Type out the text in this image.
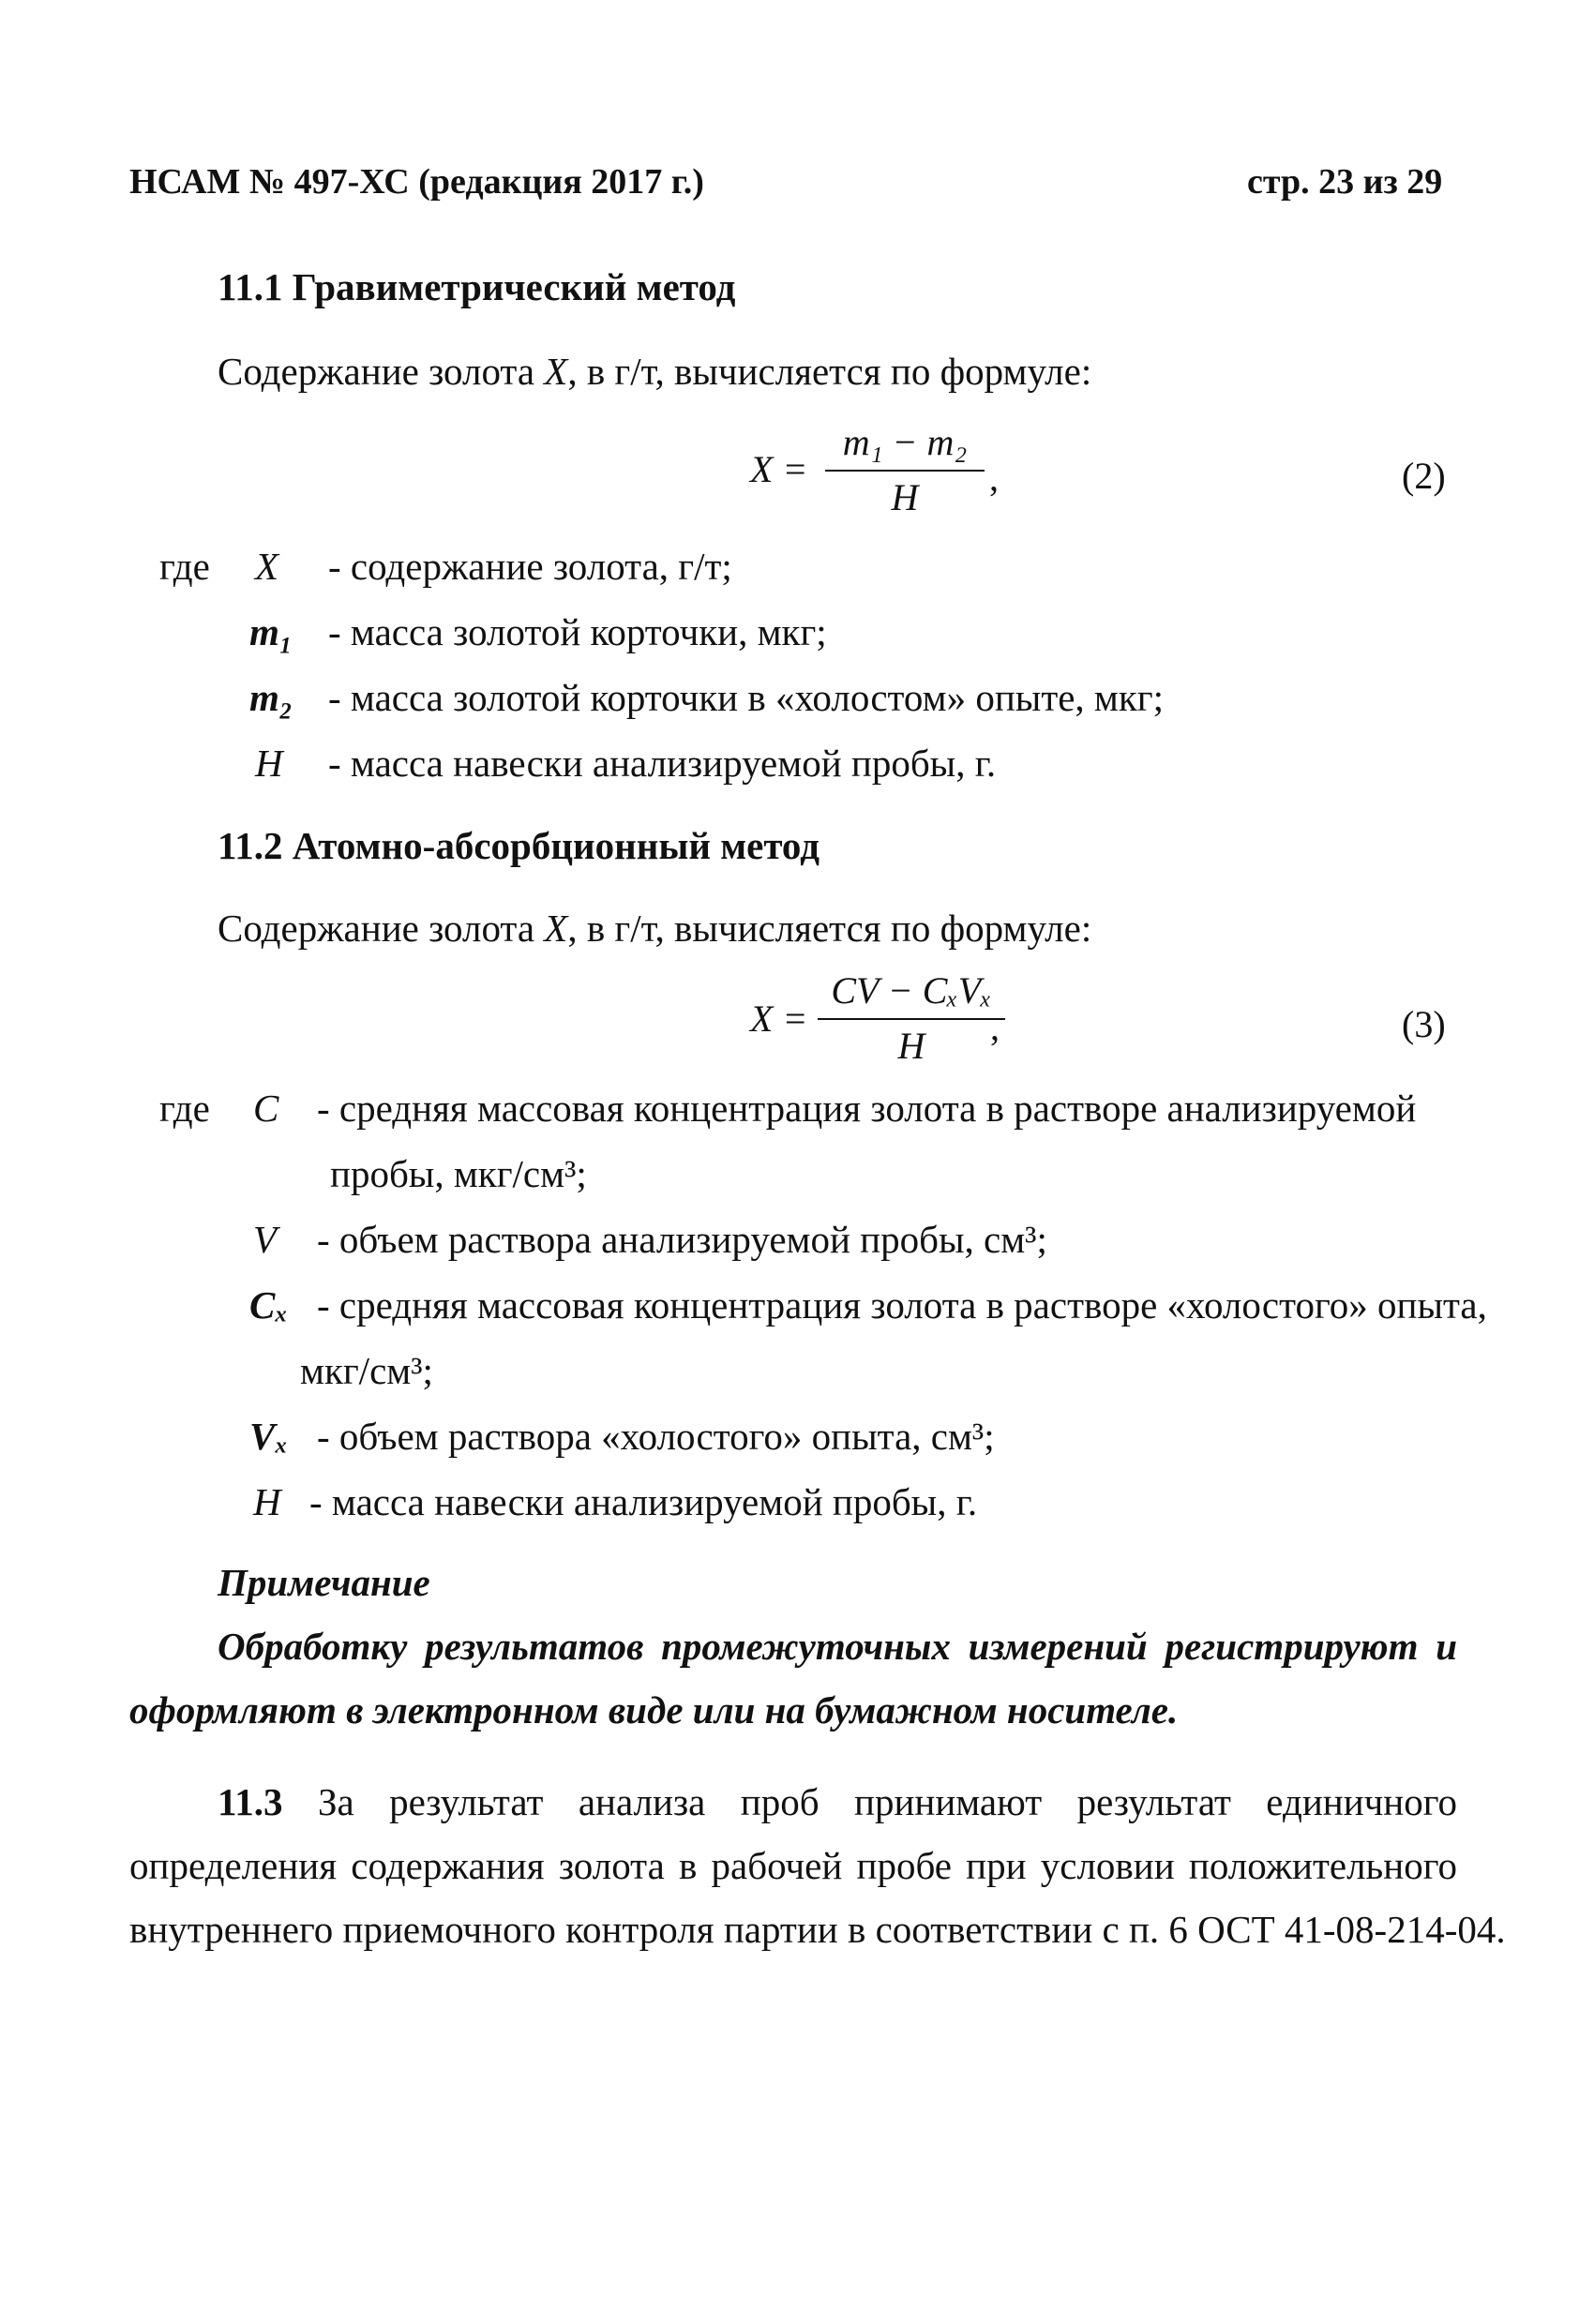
НСАМ № 497-ХС (редакция 2017 г.)	стр. 23 из 29
11.1 Гравиметрический метод
Содержание золота X, в г/т, вычисляется по формуле:
X =
m₁ − m₂
H	,	(2)
где X - содержание золота, г/т;
m₁ - масса золотой корточки, мкг;
m₂ - масса золотой корточки в «холостом» опыте, мкг;
H - масса навески анализируемой пробы, г.
11.2 Атомно-абсорбционный метод
Содержание золота X, в г/т, вычисляется по формуле:
X =
CV − CₓVₓ
H	,	(3)
где C - средняя массовая концентрация золота в растворе анализируемой
пробы, мкг/см³;
V - объем раствора анализируемой пробы, см³;
Cₓ - средняя массовая концентрация золота в растворе «холостого» опыта,
мкг/см³;
Vₓ - объем раствора «холостого» опыта, см³;
H - масса навески анализируемой пробы, г.
Примечание
Обработку результатов промежуточных измерений регистрируют и
оформляют в электронном виде или на бумажном носителе.
11.3 За результат анализа проб принимают результат единичного
определения содержания золота в рабочей пробе при условии положительного
внутреннего приемочного контроля партии в соответствии с п. 6 ОСТ 41-08-214-04.
